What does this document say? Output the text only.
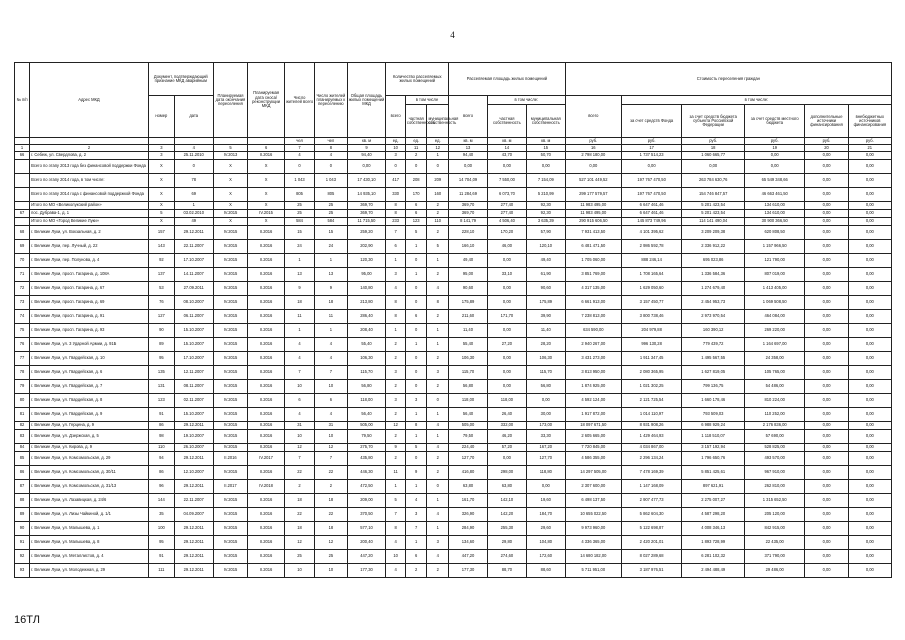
4
№ п/п	Адрес МКД	Документ, подтверждающий признание МКД аварийным		Планируемая дата окончания переселения	Планируемая дата сноса/ реконструкции МКД	Число жителей всего	Число жителей планируемых к переселению	Общая площадь жилых помещений МКД	Количество расселяемых жилых помещений			Расселяемая площадь жилых помещений			Стоимость переселения граждан					
		номер	дата						всего	в том числе		всего	в том числе:		всего	в том числе:				
										частная собственность	муниципальная собственность		частная собственность	муниципальная собственность		за счет средств Фонда	за счет средств бюджета субъекта Российской Федерации	за счет средств местного бюджета	дополнительные источники финансирования	внебюджетных источников финансирования
						чел	чел	кв. м	ед.	ед.	ед.	кв. м	кв. м	кв. м	руб.	руб.	руб.	руб.	руб.	руб.
1	2	3	4	5	6	7	8	9	10	11	12	13	14	15	16	17	18	19	20	21
66	г. Себеж, ул. Свердлова, д. 2	3	25.11.2010	IV.2013	II.2016	4	4	94,40	3	2	1	94,40	43,70	50,70	2 798 180,00	1 737 514,23	1 060 665,77	0,00	0,00	0,00
	Всего по этапу 2013 года без финансовой поддержки Фонда	X	0	X	X	0	0	0,00	0	0	0	0,00	0,00	0,00	0,00	0,00	0,00	0,00	0,00	0,00
	Всего по этапу 2014 года, в том числе:	X	78	X	X	1 043	1 043	17 430,10	417	208	209	14 704,09	7 550,00	7 154,09	527 101 449,52	197 767 470,50	263 784 630,76	65 549 348,66	0,00	0,00
	Всего по этапу 2014 года с финансовой поддержкой Фонда	X	69	X	X	805	805	14 935,10	330	170	160	11 284,69	6 073,70	5 210,99	299 177 579,57	197 767 470,50	154 746 847,57	46 663 461,50	0,00	0,00
	Итого по МО «Великолукский район»	X	1	X	X	25	25	369,70	8	6	2	369,70	277,40	92,30	11 983 495,00	6 647 461,46	5 201 423,54	134 610,00	0,00	0,00
67	пос. Дубрава-1, д. 1	5	03.02.2010	IV.2015	IV.2015	25	25	369,70	8	6	2	369,70	277,40	92,30	11 983 495,00	6 647 461,46	5 201 423,54	134 610,00	0,00	0,00
	Итого по МО «Город Великие Луки»	X	49	X	X	584	584	11 715,50	233	123	110	8 141,79	4 506,40	3 635,39	290 915 606,50	145 873 749,96	114 141 490,04	30 900 366,50	0,00	0,00
68	г. Великие Луки, ул. Вокзальная, д. 2	157	29.12.2011	IV.2015	II.2016	15	15	259,20	7	5	2	228,10	170,20	57,90	7 931 413,50	4 101 395,62	3 209 209,38	620 808,50	0,00	0,00
69	г. Великие Луки, пер. Лучный, д. 22	143	22.11.2007	IV.2015	II.2016	24	24	202,90	6	1	5	166,10	46,00	120,10	6 481 471,50	2 986 592,78	2 336 912,22	1 157 966,50	0,00	0,00
70	г. Великие Луки, пер. Полунова, д. 4	92	17.10.2007	IV.2015	II.2016	1	1	120,30	1	0	1	49,40	0,00	49,40	1 705 060,00	888 246,14	695 023,86	121 790,00	0,00	0,00
71	г. Великие Луки, просп. Гагарина, д. 108А	137	14.11.2007	IV.2015	II.2016	13	13	95,00	3	1	2	95,00	33,10	61,90	3 851 769,00	1 708 165,64	1 336 584,36	807 019,00	0,00	0,00
72	г. Великие Луки, просп. Гагарина, д. 67	53	27.09.2011	IV.2015	II.2016	9	9	140,80	4	0	4	90,60	0,00	90,60	4 317 135,00	1 629 050,60	1 274 679,40	1 413 405,00	0,00	0,00
73	г. Великие Луки, просп. Гагарина, д. 69	76	08.10.2007	IV.2015	II.2016	18	18	213,80	8	0	8	175,89	0,00	175,89	6 661 913,00	3 157 450,77	2 454 953,73	1 069 508,50	0,00	0,00
74	г. Великие Луки, просп. Гагарина, д. 91	127	06.11.2007	IV.2015	II.2016	11	11	286,40	8	6	2	211,60	171,70	39,90	7 238 813,00	3 800 738,46	2 973 970,54	464 084,00	0,00	0,00
75	г. Великие Луки, просп. Гагарина, д. 93	90	15.10.2007	IV.2015	II.2016	1	1	208,40	1	0	1	11,40	0,00	11,40	634 590,00	204 979,88	160 390,12	269 220,00	0,00	0,00
76	г. Великие Луки, ул. 3 Ударной Армии, д. 91Б	89	15.10.2007	IV.2015	II.2016	4	4	55,40	2	1	1	55,40	27,20	28,20	2 940 267,00	996 130,28	779 439,72	1 164 697,00	0,00	0,00
77	г. Великие Луки, ул. Гвардейская, д. 10	95	17.10.2007	IV.2015	II.2016	4	4	106,30	2	0	2	106,30	0,00	106,30	3 431 273,00	1 911 347,45	1 495 567,55	24 358,00	0,00	0,00
78	г. Великие Луки, ул. Гвардейская, д. 6	135	12.11.2007	IV.2015	II.2016	7	7	115,70	3	0	3	115,70	0,00	115,70	3 813 950,00	2 080 365,95	1 627 819,05	105 765,00	0,00	0,00
79	г. Великие Луки, ул. Гвардейская, д. 7	131	08.11.2007	IV.2015	II.2016	10	10	56,80	2	0	2	56,80	0,00	56,80	1 874 925,00	1 021 302,25	799 136,75	54 486,00	0,00	0,00
80	г. Великие Луки, ул. Гвардейская, д. 8	123	02.11.2007	IV.2015	II.2016	6	6	118,00	3	3	0	118,00	118,00	0,00	4 592 124,00	2 121 725,54	1 660 178,46	810 224,00	0,00	0,00
81	г. Великие Луки, ул. Гвардейская, д. 9	91	15.10.2007	IV.2015	II.2016	4	4	56,40	2	1	1	56,40	26,40	30,00	1 917 872,00	1 014 110,97	793 509,03	110 252,00	0,00	0,00
82	г. Великие Луки, ул. Герцена, д. 9	86	29.12.2011	IV.2015	II.2016	31	31	505,00	12	8	4	505,00	332,00	173,00	18 097 671,50	8 931 908,26	6 988 929,24	2 176 836,00	0,00	0,00
83	г. Великие Луки, ул. Дзержская, д. 5	98	19.10.2007	IV.2015	II.2016	10	10	79,50	2	1	1	79,50	46,20	33,30	2 605 665,00	1 429 464,93	1 118 510,07	57 690,00	0,00	0,00
84	г. Великие Луки, ул. Кирова, д. 9	110	26.10.2007	IV.2015	II.2016	12	12	275,70	9	5	4	224,40	57,20	167,20	7 720 845,00	4 034 867,00	3 157 192,94	528 825,00	0,00	0,00
85	г. Великие Луки, ул. Комсомольская, д. 29	94	29.12.2011	II.2016	IV.2017	7	7	435,80	2	0	2	127,70	0,00	127,70	4 586 355,00	2 296 134,24	1 796 650,76	493 570,00	0,00	0,00
86	г. Великие Луки, ул. Комсомольская, д. 30/11	86	12.10.2007	IV.2015	II.2016	22	22	446,30	11	9	2	416,80	298,00	118,80	14 297 505,00	7 478 169,39	5 851 425,61	967 910,00	0,00	0,00
87	г. Великие Луки, ул. Комсомольская, д. 31/13	96	29.12.2011	II.2017	IV.2018	2	2	472,50	1	1	0	63,80	63,80	0,00	2 307 600,00	1 147 168,09	897 621,91	262 810,00	0,00	0,00
88	г. Великие Луки, ул. Лазавицкая, д. 24/6	144	22.11.2007	IV.2015	II.2016	18	18	209,00	5	4	1	161,70	142,10	19,60	6 498 137,50	2 907 477,73	2 275 007,27	1 315 652,50	0,00	0,00
89	г. Великие Луки, ул. Лизы Чайкиной, д. 1/1	35	04.09.2007	IV.2015	II.2016	22	22	370,50	7	3	4	326,90	142,20	184,70	10 655 022,50	5 862 604,30	4 587 298,20	205 120,00	0,00	0,00
90	г. Великие Луки, ул. Малышева, д. 1	100	29.12.2011	IV.2015	II.2016	18	18	577,10	8	7	1	284,90	255,30	29,60	9 973 960,00	5 122 698,87	4 008 346,13	842 915,00	0,00	0,00
91	г. Великие Луки, ул. Малышева, д. 8	95	29.12.2011	IV.2015	II.2016	12	12	200,40	4	1	3	134,60	29,80	104,80	4 336 365,00	2 420 201,01	1 893 728,99	22 435,00	0,00	0,00
92	г. Великие Луки, ул. Металлистов, д. 4	91	29.12.2011	IV.2015	II.2016	25	25	447,20	10	6	4	447,20	274,60	172,60	14 680 182,00	8 027 289,68	6 281 102,32	371 790,00	0,00	0,00
93	г. Великие Луки, ул. Молодежная, д. 29	111	29.12.2011	IV.2015	II.2016	10	10	177,30	4	2	2	177,30	88,70	88,60	5 711 951,00	3 187 976,51	2 494 488,49	29 486,00	0,00	0,00
16ТЛ
